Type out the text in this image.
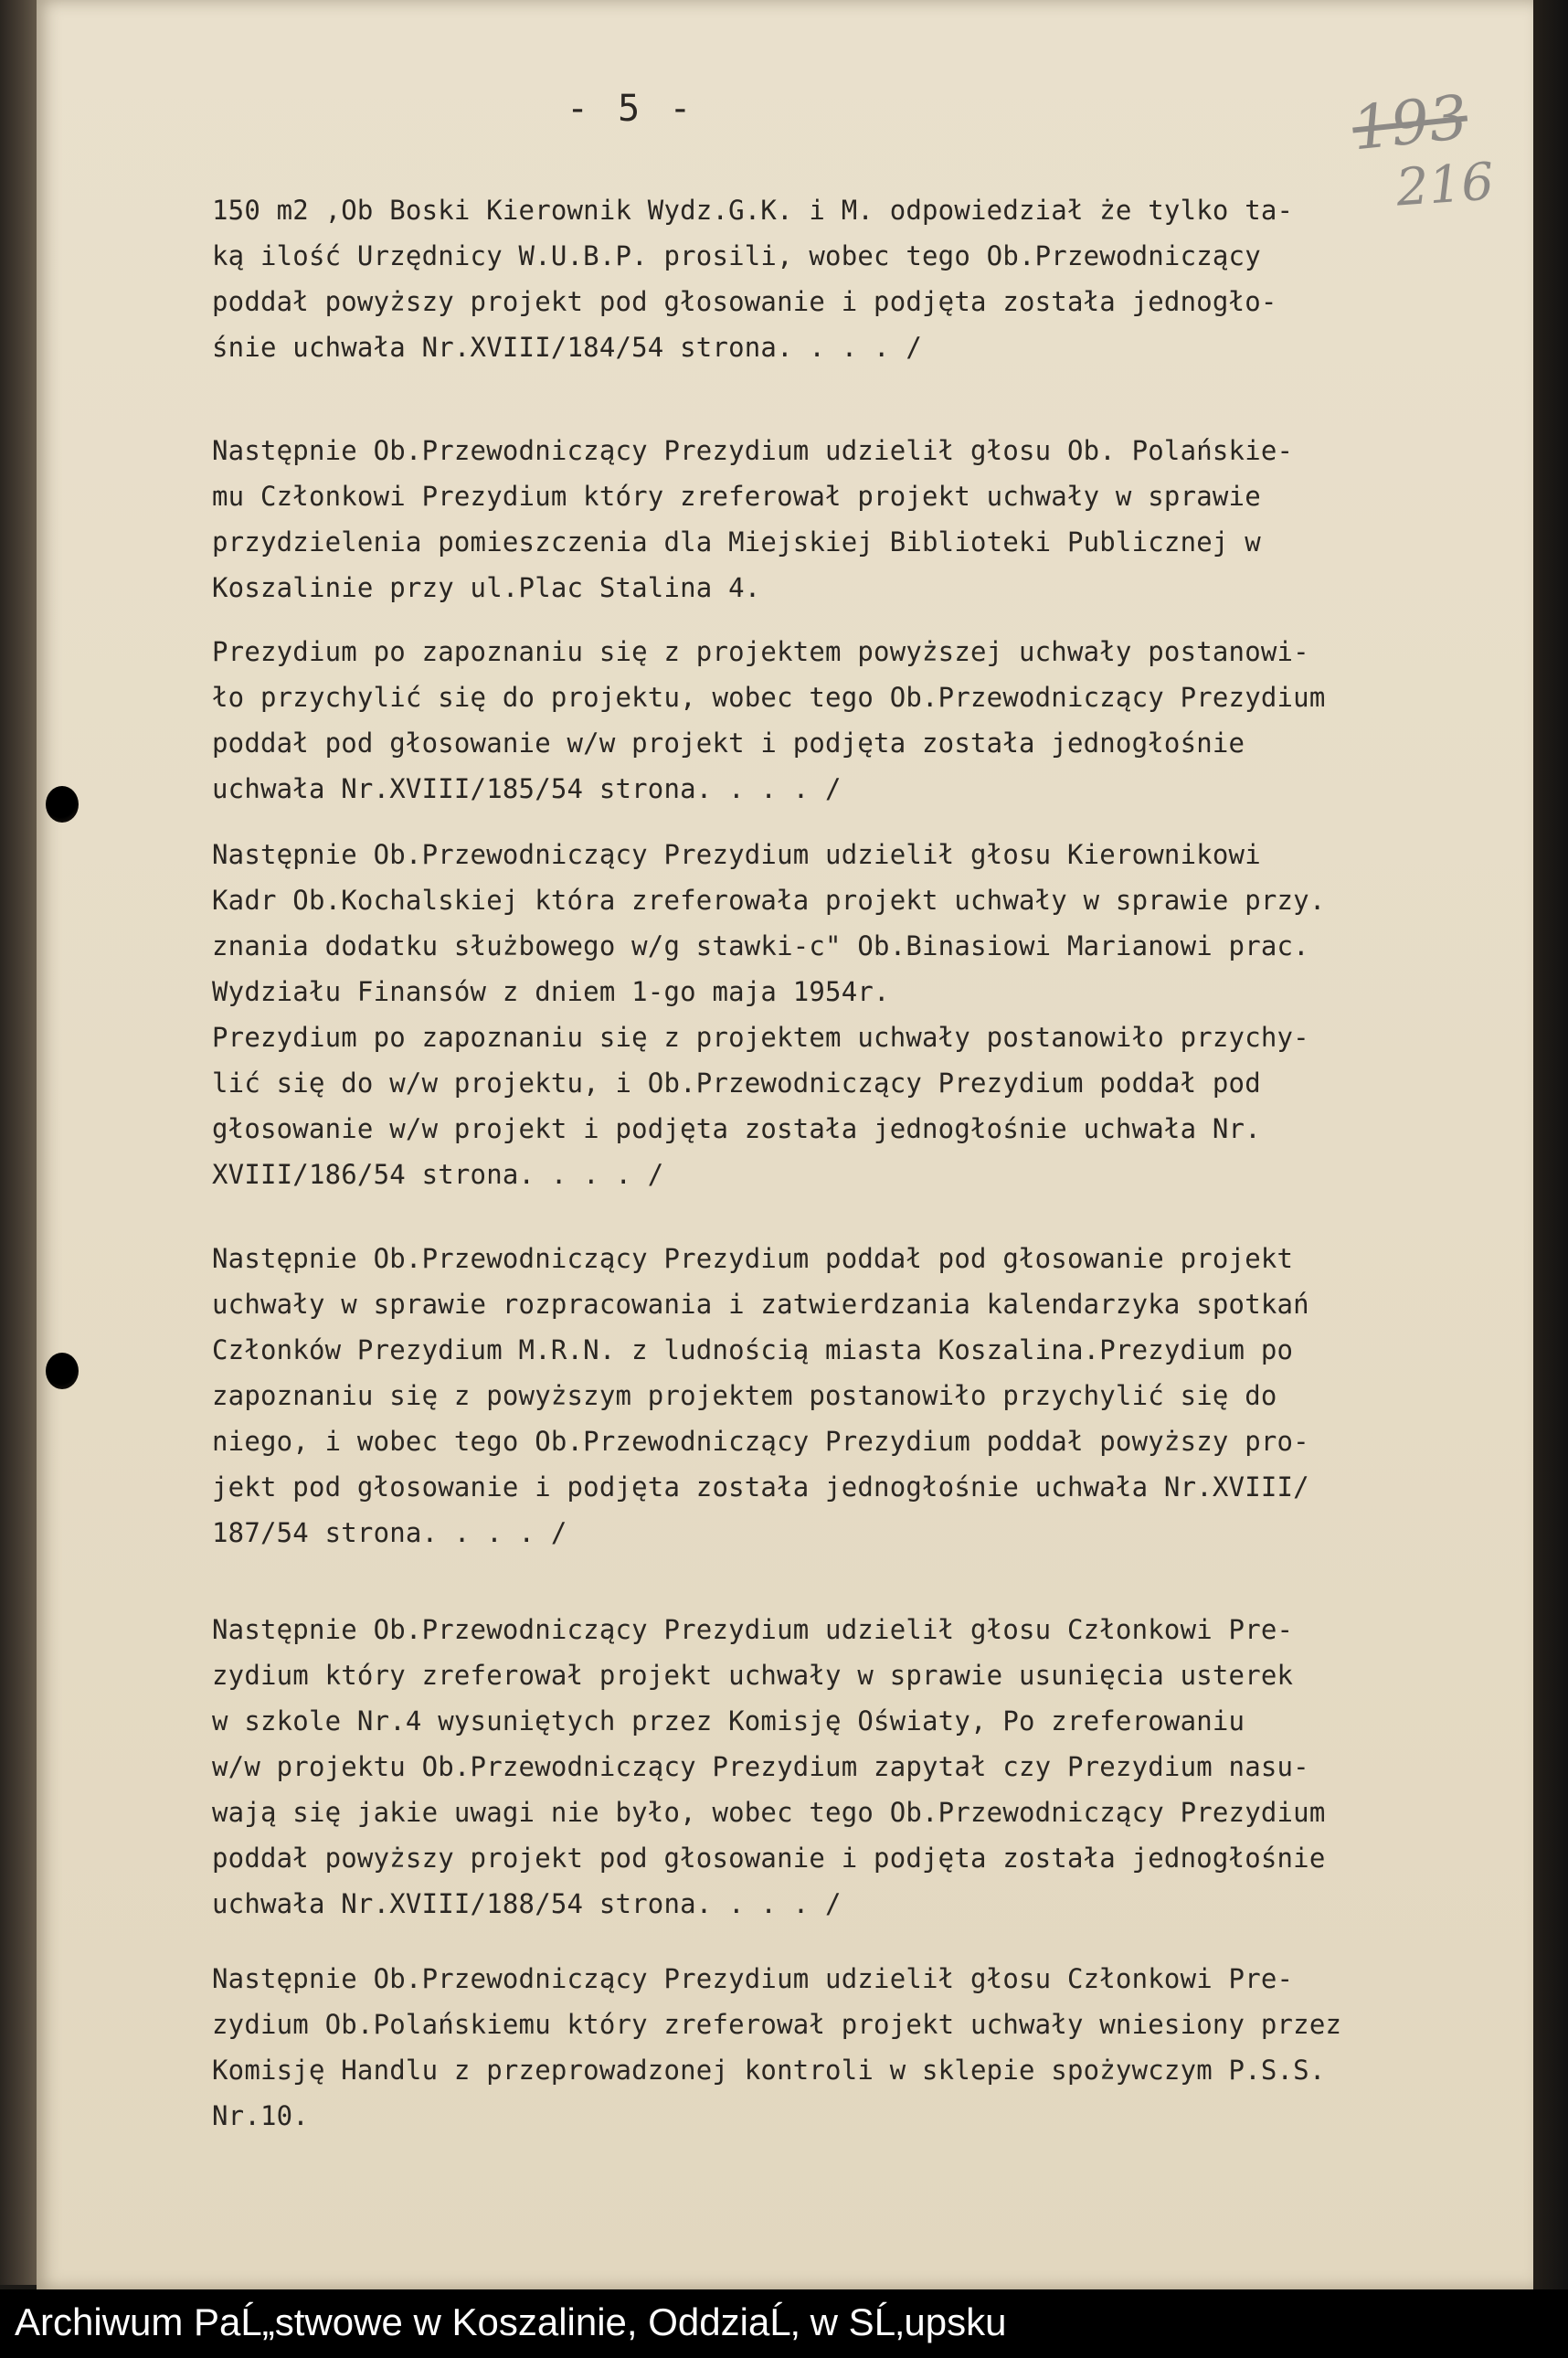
- 5 -	193
216
150 m2 ,Ob Boski Kierownik Wydz.G.K. i M. odpowiedział że tylko ta-
ką ilość Urzędnicy W.U.B.P. prosili, wobec tego Ob.Przewodniczący
poddał powyższy projekt pod głosowanie i podjęta została jednogło-
śnie uchwała Nr.XVIII/184/54 strona. . . . /
Następnie Ob.Przewodniczący Prezydium udzielił głosu Ob. Polańskie-
mu Członkowi Prezydium który zreferował projekt uchwały w sprawie
przydzielenia pomieszczenia dla Miejskiej Biblioteki Publicznej w
Koszalinie przy ul.Plac Stalina 4.
Prezydium po zapoznaniu się z projektem powyższej uchwały postanowi-
ło przychylić się do projektu, wobec tego Ob.Przewodniczący Prezydium
poddał pod głosowanie w/w projekt i podjęta została jednogłośnie
uchwała Nr.XVIII/185/54 strona. . . . /
Następnie Ob.Przewodniczący Prezydium udzielił głosu Kierownikowi
Kadr Ob.Kochalskiej która zreferowała projekt uchwały w sprawie przy.
znania dodatku służbowego w/g stawki-c" Ob.Binasiowi Marianowi prac.
Wydziału Finansów z dniem 1-go maja 1954r.
Prezydium po zapoznaniu się z projektem uchwały postanowiło przychy-
lić się do w/w projektu, i Ob.Przewodniczący Prezydium poddał pod
głosowanie w/w projekt i podjęta została jednogłośnie uchwała Nr.
XVIII/186/54 strona. . . . /
Następnie Ob.Przewodniczący Prezydium poddał pod głosowanie projekt
uchwały w sprawie rozpracowania i zatwierdzania kalendarzyka spotkań
Członków Prezydium M.R.N. z ludnością miasta Koszalina.Prezydium po
zapoznaniu się z powyższym projektem postanowiło przychylić się do
niego, i wobec tego Ob.Przewodniczący Prezydium poddał powyższy pro-
jekt pod głosowanie i podjęta została jednogłośnie uchwała Nr.XVIII/
187/54 strona. . . . /
Następnie Ob.Przewodniczący Prezydium udzielił głosu Członkowi Pre-
zydium który zreferował projekt uchwały w sprawie usunięcia usterek
w szkole Nr.4 wysuniętych przez Komisję Oświaty, Po zreferowaniu
w/w projektu Ob.Przewodniczący Prezydium zapytał czy Prezydium nasu-
wają się jakie uwagi nie było, wobec tego Ob.Przewodniczący Prezydium
poddał powyższy projekt pod głosowanie i podjęta została jednogłośnie
uchwała Nr.XVIII/188/54 strona. . . . /
Następnie Ob.Przewodniczący Prezydium udzielił głosu Członkowi Pre-
zydium Ob.Polańskiemu który zreferował projekt uchwały wniesiony przez
Komisję Handlu z przeprowadzonej kontroli w sklepie spożywczym P.S.S.
Nr.10.
Archiwum PaĹ„stwowe w Koszalinie, OddziaĹ‚ w SĹ‚upsku
